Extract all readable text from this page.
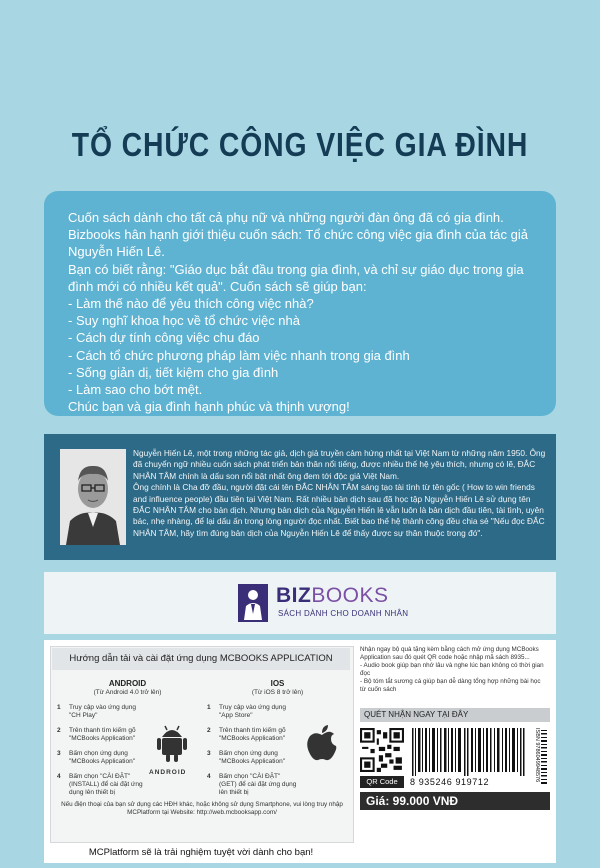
TỔ CHỨC CÔNG VIỆC GIA ĐÌNH

Cuốn sách dành cho tất cả phụ nữ và những người đàn ông đã có gia đình.

Bizbooks hân hạnh giới thiệu cuốn sách: Tổ chức công việc gia đình của tác giả Nguyễn Hiến Lê.

Bạn có biết rằng: "Giáo dục bắt đầu trong gia đình, và chỉ sự giáo dục trong gia đình mới có nhiều kết quả". Cuốn sách sẽ giúp bạn:

- Làm thế nào để yêu thích công việc nhà?

- Suy nghĩ khoa học về tổ chức việc nhà

- Cách dự tính công việc chu đáo

- Cách tổ chức phương pháp làm việc nhanh trong gia đình

- Sống giản dị, tiết kiệm cho gia đình

- Làm sao cho bớt mệt.

Chúc bạn và gia đình hạnh phúc và thịnh vượng!

Nguyễn Hiến Lê, một trong những tác giả, dịch giả truyền cảm hứng nhất tại Việt Nam từ những năm 1950. Ông đã chuyển ngữ nhiều cuốn sách phát triển bản thân nổi tiếng, được nhiều thế hệ yêu thích, nhưng có lẽ, ĐẮC NHÂN TÂM chính là dấu son nổi bật nhất ông đem tới độc giả Việt Nam.

Ông chính là Cha đỡ đầu, người đặt cái tên ĐẮC NHÂN TÂM sáng tạo tài tình từ tên gốc ( How to win friends and influence people) đầu tiên tại Việt Nam. Rất nhiều bản dịch sau đã học tập Nguyễn Hiến Lê sử dụng tên ĐẮC NHÂN TÂM cho bản dịch. Nhưng bản dịch của Nguyễn Hiến lê vẫn luôn là bản dịch đầu tiên, tài tình, uyên bác, nhẹ nhàng, để lại dấu ấn trong lòng người đọc nhất. Biết bao thế hệ thành công đều chia sẻ "Nếu đọc ĐẮC NHÂN TÂM, hãy tìm đúng bản dịch của Nguyễn Hiến Lê để thấy được sự thân thuộc trong đó".

BIZBOOKS
SÁCH DÀNH CHO DOANH NHÂN
Hướng dẫn tải và cài đặt ứng dụng MCBOOKS APPLICATION
ANDROID
(Từ Android 4.0 trở lên)
1 Truy cập vào ứng dụng "CH Play"
2 Trên thanh tìm kiếm gõ "MCBooks Application"
3 Bấm chọn ứng dụng "MCBooks Application"
4 Bấm chọn "CÀI ĐẶT" (INSTALL) để cài đặt ứng dụng lên thiết bị
ANDROID
IOS
(Từ iOS 8 trở lên)
1 Truy cập vào ứng dụng "App Store"
2 Trên thanh tìm kiếm gõ "MCBooks Application"
3 Bấm chọn ứng dụng "MCBooks Application"
4 Bấm chọn "CÀI ĐẶT" (GET) để cài đặt ứng dụng lên thiết bị
Nếu điện thoại của bạn sử dụng các HĐH khác, hoặc không sử dụng Smartphone, vui lòng truy nhập MCPlatform tại Website: http://web.mcbooksapp.com/
MCPlatform sẽ là trải nghiệm tuyệt vời dành cho bạn!

Nhận ngay bộ quà tặng kèm bằng cách mở ứng dụng MCBooks Application sau đó quét QR code hoặc nhập mã sách 8935...

- Audio book giúp bạn nhớ lâu và nghe lúc bạn không có thời gian đọc

- Bộ tóm tắt sương cá giúp bạn dễ dàng tổng hợp những bài học từ cuốn sách

QUÉT NHẬN NGAY TẠI ĐÂY
QR Code	8 935246 919712	ISBN 9786049948576
Giá: 99.000 VNĐ
